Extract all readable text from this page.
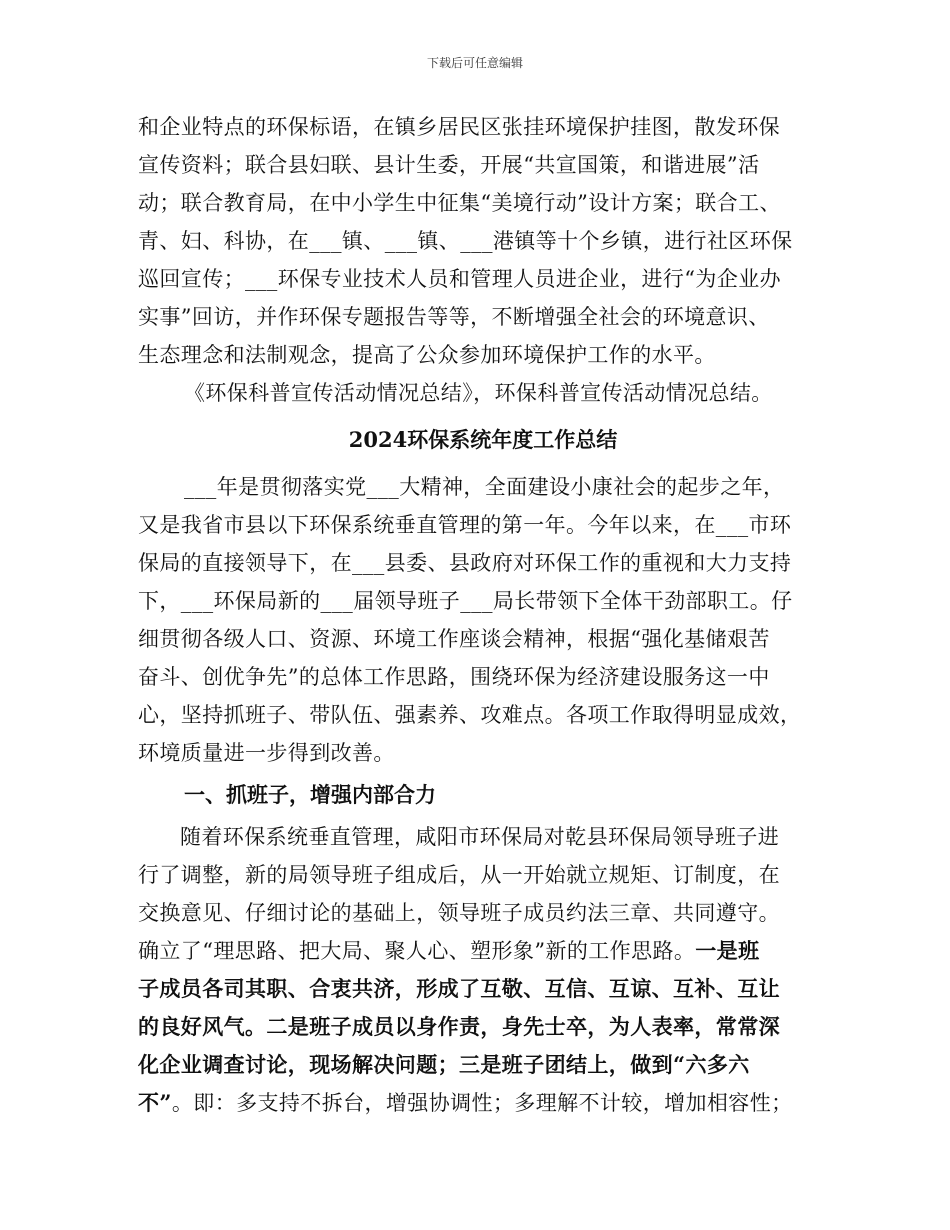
下载后可任意编辑
和企业特点的环保标语，在镇乡居民区张挂环境保护挂图，散发环保
宣传资料；联合县妇联、县计生委，开展“共宣国策，和谐进展”活
动；联合教育局，在中小学生中征集“美境行动”设计方案；联合工、
青、妇、科协，在___镇、___镇、___港镇等十个乡镇，进行社区环保
巡回宣传；___环保专业技术人员和管理人员进企业，进行“为企业办
实事”回访，并作环保专题报告等等，不断增强全社会的环境意识、
生态理念和法制观念，提高了公众参加环境保护工作的水平。
《环保科普宣传活动情况总结》，环保科普宣传活动情况总结。
2024环保系统年度工作总结
___年是贯彻落实党___大精神，全面建设小康社会的起步之年，
又是我省市县以下环保系统垂直管理的第一年。今年以来，在___市环
保局的直接领导下，在___县委、县政府对环保工作的重视和大力支持
下，___环保局新的___届领导班子___局长带领下全体干劲部职工。仔
细贯彻各级人口、资源、环境工作座谈会精神，根据“强化基储艰苦
奋斗、创优争先”的总体工作思路，围绕环保为经济建设服务这一中
心，坚持抓班子、带队伍、强素养、攻难点。各项工作取得明显成效，
环境质量进一步得到改善。
一、抓班子，增强内部合力
随着环保系统垂直管理，咸阳市环保局对乾县环保局领导班子进
行了调整，新的局领导班子组成后，从一开始就立规矩、订制度，在
交换意见、仔细讨论的基础上，领导班子成员约法三章、共同遵守。
确立了“理思路、把大局、聚人心、塑形象”新的工作思路。一是班
子成员各司其职、合衷共济，形成了互敬、互信、互谅、互补、互让
的良好风气。二是班子成员以身作责，身先士卒，为人表率，常常深
化企业调查讨论，现场解决问题；三是班子团结上，做到“六多六
不”。即：多支持不拆台，增强协调性；多理解不计较，增加相容性；
